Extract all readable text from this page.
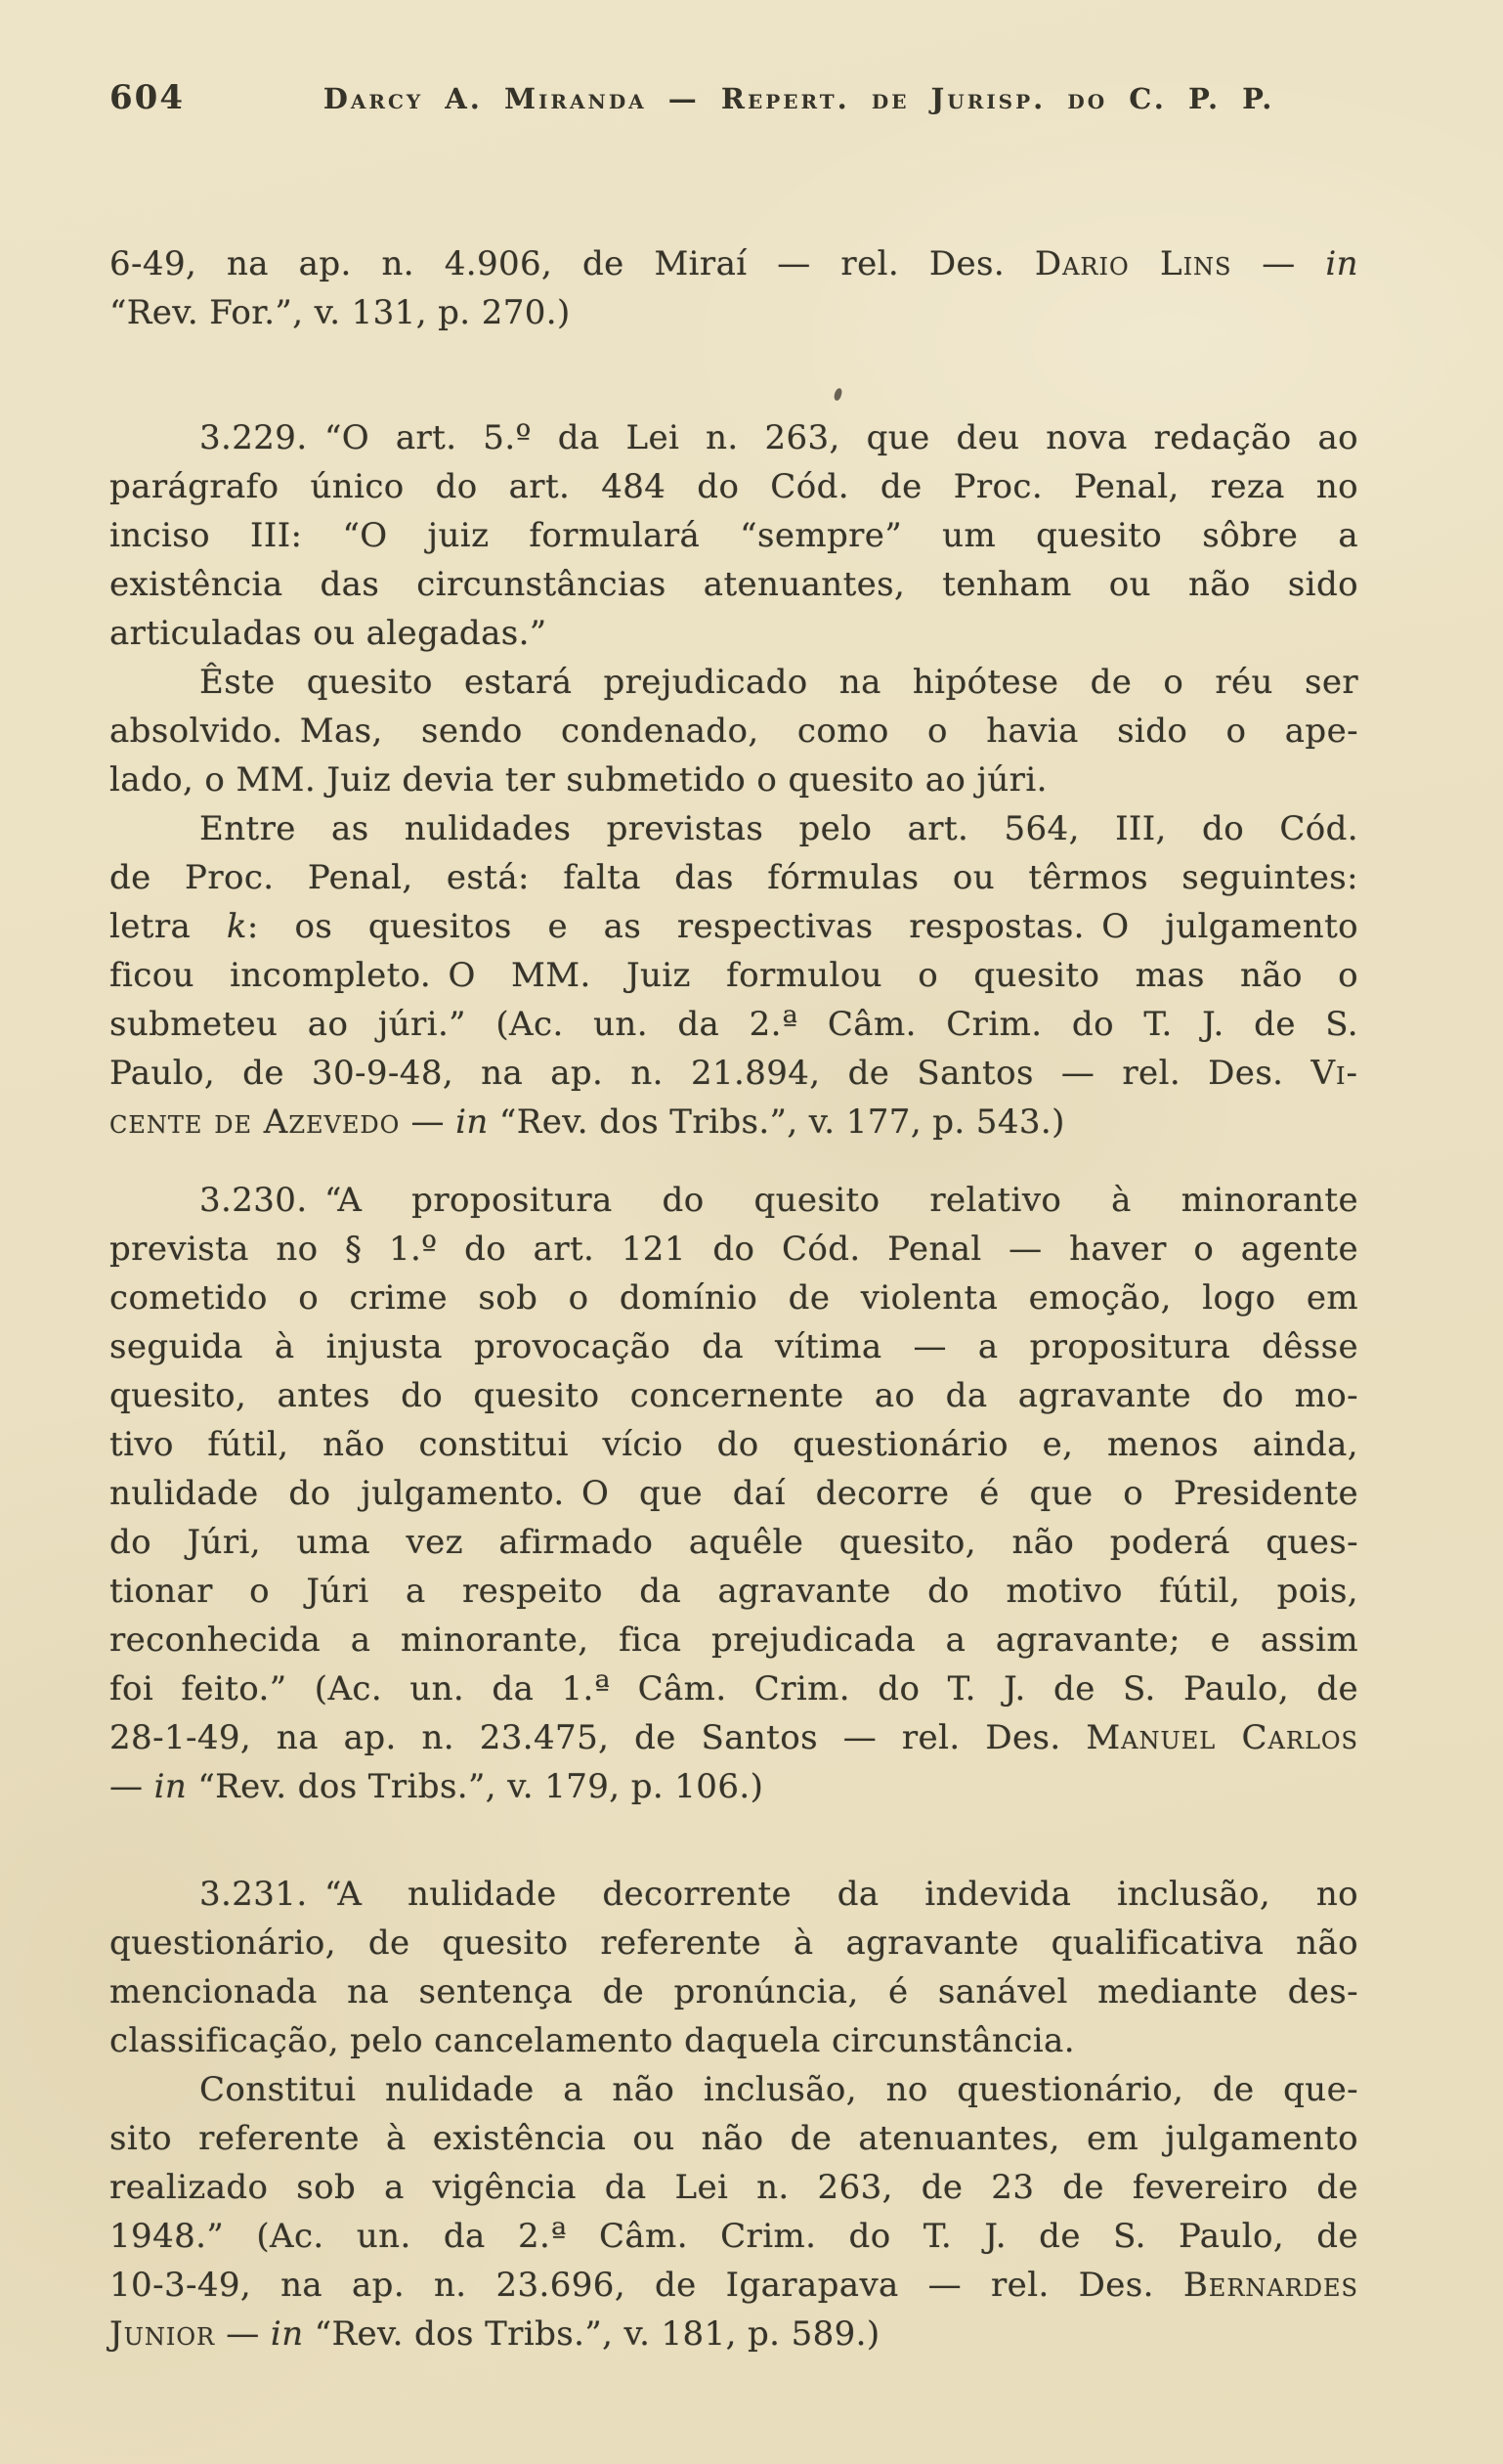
604	Darcy A. Miranda — Repert. de Jurisp. do C. P. P.
6-49, na ap. n. 4.906, de Miraí — rel. Des. Dario Lins — in
“Rev. For.”, v. 131, p. 270.)
3.229. “O art. 5.º da Lei n. 263, que deu nova redação ao
parágrafo único do art. 484 do Cód. de Proc. Penal, reza no
inciso III: “O juiz formulará “sempre” um quesito sôbre a
existência das circunstâncias atenuantes, tenham ou não sido
articuladas ou alegadas.”
Êste quesito estará prejudicado na hipótese de o réu ser
absolvido. Mas, sendo condenado, como o havia sido o ape-
lado, o MM. Juiz devia ter submetido o quesito ao júri.
Entre as nulidades previstas pelo art. 564, III, do Cód.
de Proc. Penal, está: falta das fórmulas ou têrmos seguintes:
letra k: os quesitos e as respectivas respostas. O julgamento
ficou incompleto. O MM. Juiz formulou o quesito mas não o
submeteu ao júri.” (Ac. un. da 2.ª Câm. Crim. do T. J. de S.
Paulo, de 30-9-48, na ap. n. 21.894, de Santos — rel. Des. Vi-
cente de Azevedo — in “Rev. dos Tribs.”, v. 177, p. 543.)
3.230. “A propositura do quesito relativo à minorante
prevista no § 1.º do art. 121 do Cód. Penal — haver o agente
cometido o crime sob o domínio de violenta emoção, logo em
seguida à injusta provocação da vítima — a propositura dêsse
quesito, antes do quesito concernente ao da agravante do mo-
tivo fútil, não constitui vício do questionário e, menos ainda,
nulidade do julgamento. O que daí decorre é que o Presidente
do Júri, uma vez afirmado aquêle quesito, não poderá ques-
tionar o Júri a respeito da agravante do motivo fútil, pois,
reconhecida a minorante, fica prejudicada a agravante; e assim
foi feito.” (Ac. un. da 1.ª Câm. Crim. do T. J. de S. Paulo, de
28-1-49, na ap. n. 23.475, de Santos — rel. Des. Manuel Carlos
— in “Rev. dos Tribs.”, v. 179, p. 106.)
3.231. “A nulidade decorrente da indevida inclusão, no
questionário, de quesito referente à agravante qualificativa não
mencionada na sentença de pronúncia, é sanável mediante des-
classificação, pelo cancelamento daquela circunstância.
Constitui nulidade a não inclusão, no questionário, de que-
sito referente à existência ou não de atenuantes, em julgamento
realizado sob a vigência da Lei n. 263, de 23 de fevereiro de
1948.” (Ac. un. da 2.ª Câm. Crim. do T. J. de S. Paulo, de
10-3-49, na ap. n. 23.696, de Igarapava — rel. Des. Bernardes
Junior — in “Rev. dos Tribs.”, v. 181, p. 589.)
